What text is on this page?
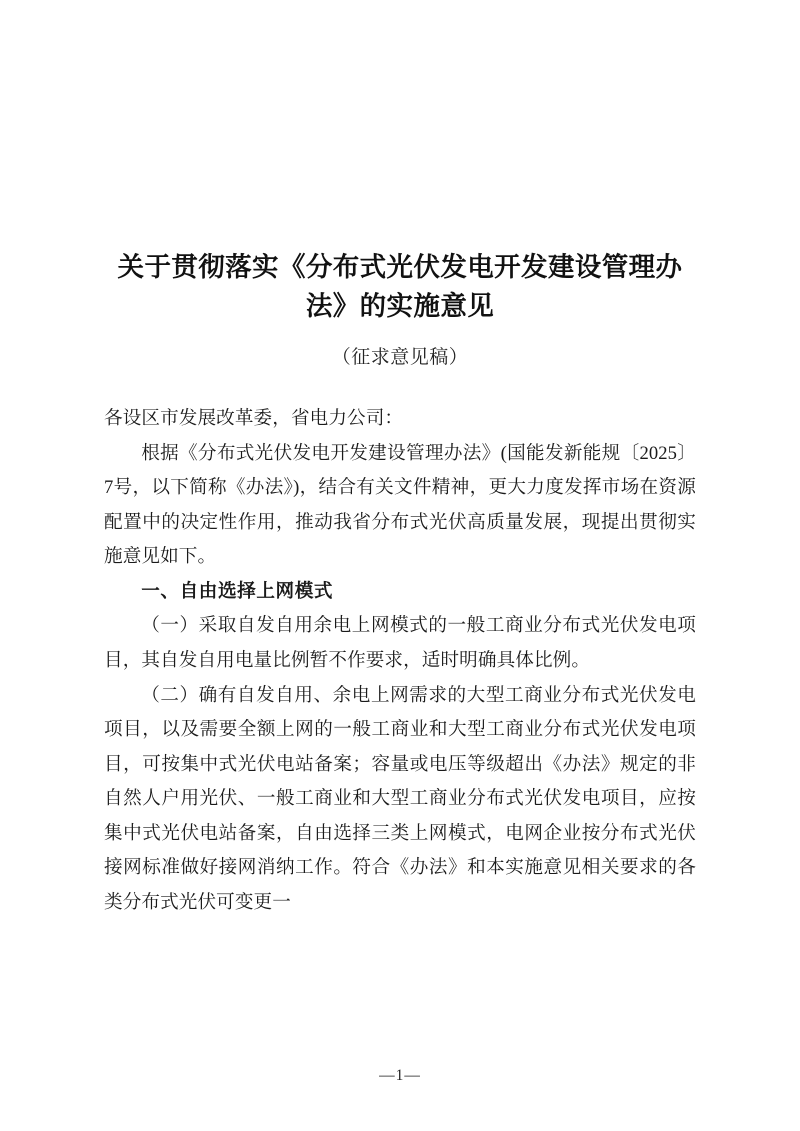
关于贯彻落实《分布式光伏发电开发建设管理办法》的实施意见
（征求意见稿）

各设区市发展改革委，省电力公司：

根据《分布式光伏发电开发建设管理办法》(国能发新能规〔2025〕7号，以下简称《办法》)，结合有关文件精神，更大力度发挥市场在资源配置中的决定性作用，推动我省分布式光伏高质量发展，现提出贯彻实施意见如下。

一、自由选择上网模式

（一）采取自发自用余电上网模式的一般工商业分布式光伏发电项目，其自发自用电量比例暂不作要求，适时明确具体比例。

（二）确有自发自用、余电上网需求的大型工商业分布式光伏发电项目，以及需要全额上网的一般工商业和大型工商业分布式光伏发电项目，可按集中式光伏电站备案；容量或电压等级超出《办法》规定的非自然人户用光伏、一般工商业和大型工商业分布式光伏发电项目，应按集中式光伏电站备案，自由选择三类上网模式，电网企业按分布式光伏接网标准做好接网消纳工作。符合《办法》和本实施意见相关要求的各类分布式光伏可变更一

—1—
